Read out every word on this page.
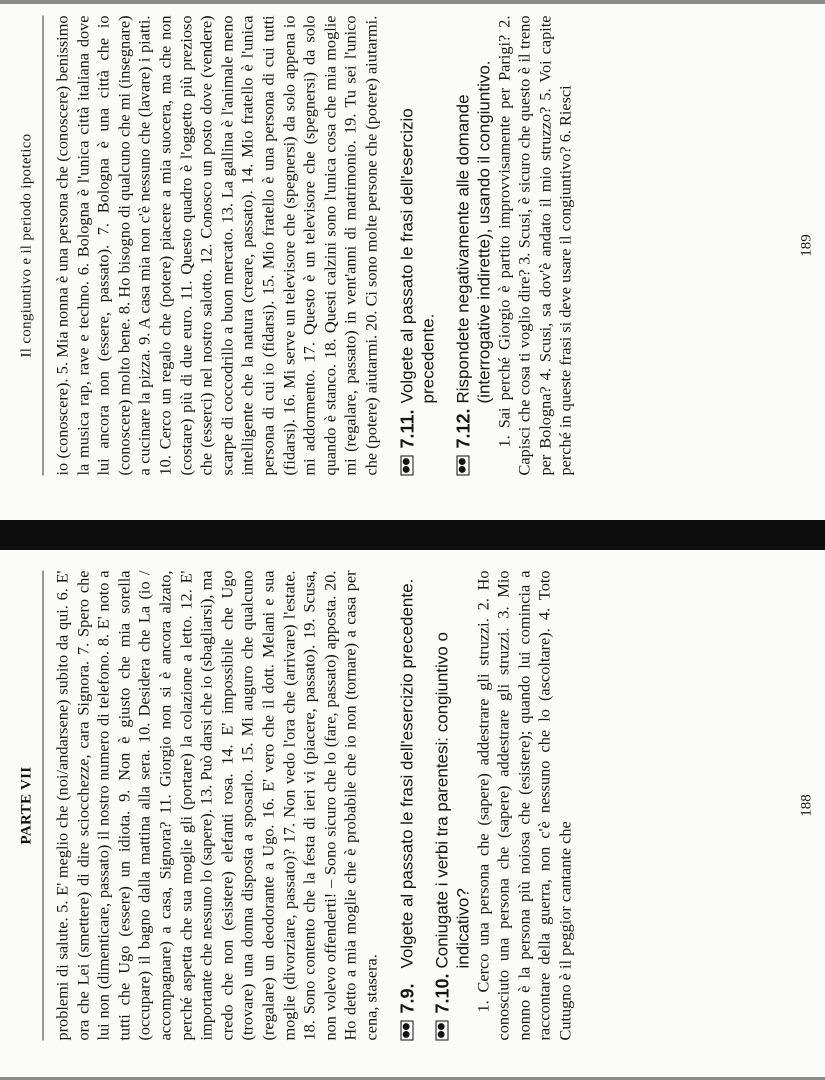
PARTE VII problemi di salute. 5. E' meglio che (noi/andarsene) subito da qui. 6. E' ora che Lei (smettere) di dire sciocchezze, cara Signora. 7. Spero che lui non (dimenticare, passato) il nostro numero di telefono. 8. E' noto a tutti che Ugo (essere) un idiota. 9. Non è giusto che mia sorella (occupare) il bagno dalla mattina alla sera. 10. Desidera che La (io / accompagnare) a casa, Signora? 11. Giorgio non si è ancora alzato, perché aspetta che sua moglie gli (portare) la colazione a letto. 12. E' importante che nessuno lo (sapere). 13. Può darsi che io (sbagliarsi), ma credo che non (esistere) elefanti rosa. 14. E' impossibile che Ugo (trovare) una donna disposta a sposarlo. 15. Mi auguro che qualcuno (regalare) un deodorante a Ugo. 16. E' vero che il dott. Melani e sua moglie (divorziare, passato)? 17. Non vedo l'ora che (arrivare) l'estate. 18. Sono contento che la festa di ieri vi (piacere, passato). 19. Scusa, non volevo offenderti! – Sono sicuro che lo (fare, passato) apposta. 20. Ho detto a mia moglie che è probabile che io non (tornare) a casa per cena, stasera. ●●
7.9.
Volgete al passato le frasi dell'esercizio precedente.
●●
7.10.
Coniugate i verbi tra parentesi: congiuntivo o indicativo? 1. Cerco una persona che (sapere) addestrare gli struzzi. 2. Ho conosciuto una persona che (sapere) addestrare gli struzzi. 3. Mio nonno è la persona più noiosa che (esistere); quando lui comincia a raccontare della guerra, non c'è nessuno che lo (ascoltare). 4. Toto Cutugno è il peggior cantante che

188
Il congiuntivo e il periodo ipotetico io (conoscere). 5. Mia nonna è una persona che (conoscere) benissimo la musica rap, rave e techno. 6. Bologna è l'unica città italiana dove lui ancora non (essere, passato). 7. Bologna è una città che io (conoscere) molto bene. 8. Ho bisogno di qualcuno che mi (insegnare) a cucinare la pizza. 9. A casa mia non c'è nessuno che (lavare) i piatti. 10. Cerco un regalo che (potere) piacere a mia suocera, ma che non (costare) più di due euro. 11. Questo quadro è l'oggetto più prezioso che (esserci) nel nostro salotto. 12. Conosco un posto dove (vendere) scarpe di coccodrillo a buon mercato. 13. La gallina è l'animale meno intelligente che la natura (creare, passato). 14. Mio fratello è l'unica persona di cui io (fidarsi). 15. Mio fratello è una persona di cui tutti (fidarsi). 16. Mi serve un televisore che (spegnersi) da solo appena io mi addormento. 17. Questo è un televisore che (spegnersi) da solo quando è stanco. 18. Questi calzini sono l'unica cosa che mia moglie mi (regalare, passato) in vent'anni di matrimonio. 19. Tu sei l'unico che (potere) aiutarmi. 20. Ci sono molte persone che (potere) aiutarmi. ●●
7.11.
Volgete al passato le frasi dell'esercizio precedente.
●●
7.12.
Rispondete negativamente alle domande (interrogative indirette), usando il congiuntivo. 1. Sai perché Giorgio è partito improvvisamente per Parigi? 2. Capisci che cosa ti voglio dire? 3. Scusi, è sicuro che questo è il treno per Bologna? 4. Scusi, sa dov'è andato il mio struzzo? 5. Voi capite perché in queste frasi si deve usare il congiuntivo? 6. Riesci	189
